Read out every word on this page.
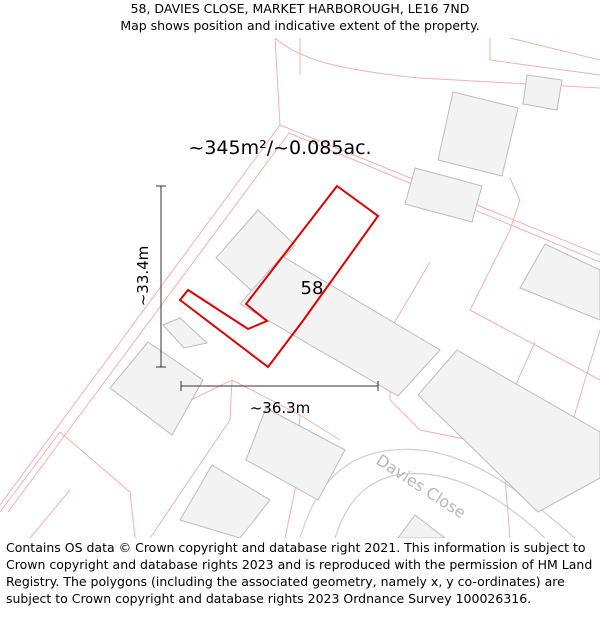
58, DAVIES CLOSE, MARKET HARBOROUGH, LE16 7ND
Map shows position and indicative extent of the property.
~345m²/~0.085ac.
58
~33.4m
~36.3m
Davies Close
Contains OS data © Crown copyright and database right 2021. This information is subject to Crown copyright and database rights 2023 and is reproduced with the permission of HM Land Registry. The polygons (including the associated geometry, namely x, y co-ordinates) are subject to Crown copyright and database rights 2023 Ordnance Survey 100026316.
